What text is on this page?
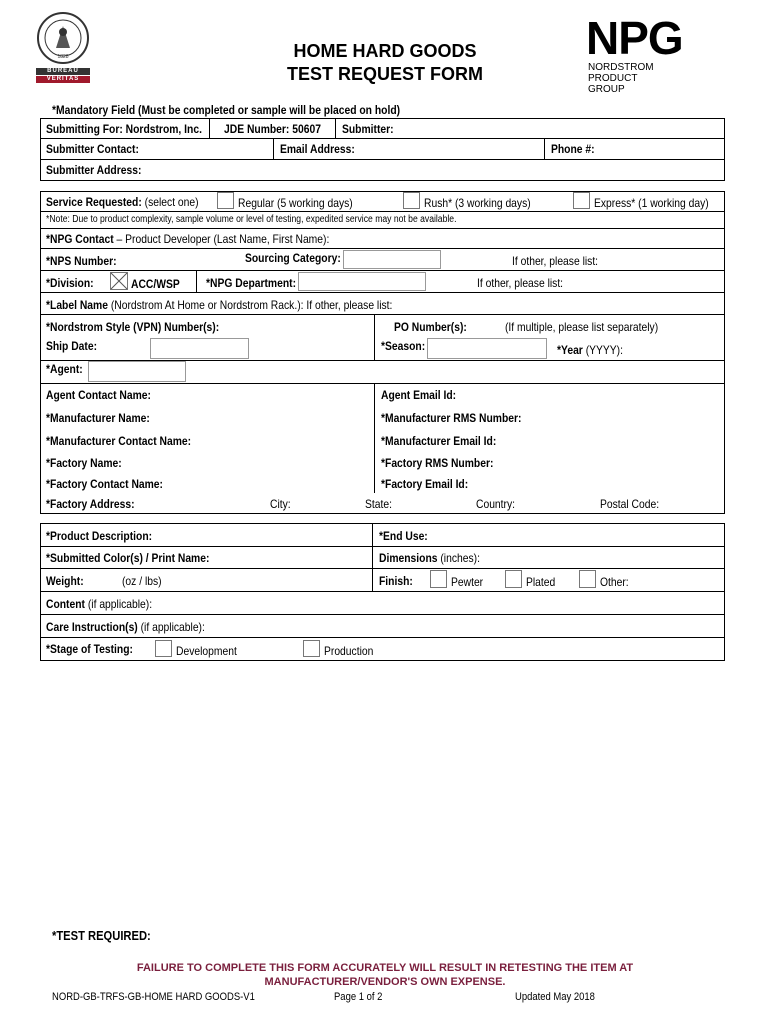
1828
BUREAU
VERITAS
HOME HARD GOODS
TEST REQUEST FORM
NPG
NORDSTROM
PRODUCT
GROUP
*Mandatory Field (Must be completed or sample will be placed on hold)
Submitting For: Nordstrom, Inc. JDE Number: 50607 Submitter:
Submitter Contact:	Email Address:	Phone #:
Submitter Address:
Service Requested: (select one)	Regular (5 working days)	Rush* (3 working days)	Express* (1 working day)
*Note: Due to product complexity, sample volume or level of testing, expedited service may not be available.
*NPG Contact – Product Developer (Last Name, First Name):
*NPS Number:	Sourcing Category:	If other, please list:
*Division:	ACC/WSP *NPG Department:	If other, please list:
*Label Name (Nordstrom At Home or Nordstrom Rack.): If other, please list:
*Nordstrom Style (VPN) Number(s):	PO Number(s):	(If multiple, please list separately)
Ship Date:	*Season:	*Year (YYYY):
*Agent:
Agent Contact Name:	Agent Email Id:
*Manufacturer Name:	*Manufacturer RMS Number:
*Manufacturer Contact Name:	*Manufacturer Email Id:
*Factory Name:	*Factory RMS Number:
*Factory Contact Name:	*Factory Email Id:
*Factory Address:	City:	State:	Country:	Postal Code:
*Product Description:	*End Use:
*Submitted Color(s) / Print Name:	Dimensions (inches):
Weight:	(oz / lbs)	Finish:	Pewter	Plated	Other:
Content (if applicable):
Care Instruction(s) (if applicable):
*Stage of Testing:	Development	Production
*TEST REQUIRED:
FAILURE TO COMPLETE THIS FORM ACCURATELY WILL RESULT IN RETESTING THE ITEM AT
MANUFACTURER/VENDOR'S OWN EXPENSE.
NORD-GB-TRFS-GB-HOME HARD GOODS-V1	Page 1 of 2	Updated May 2018
